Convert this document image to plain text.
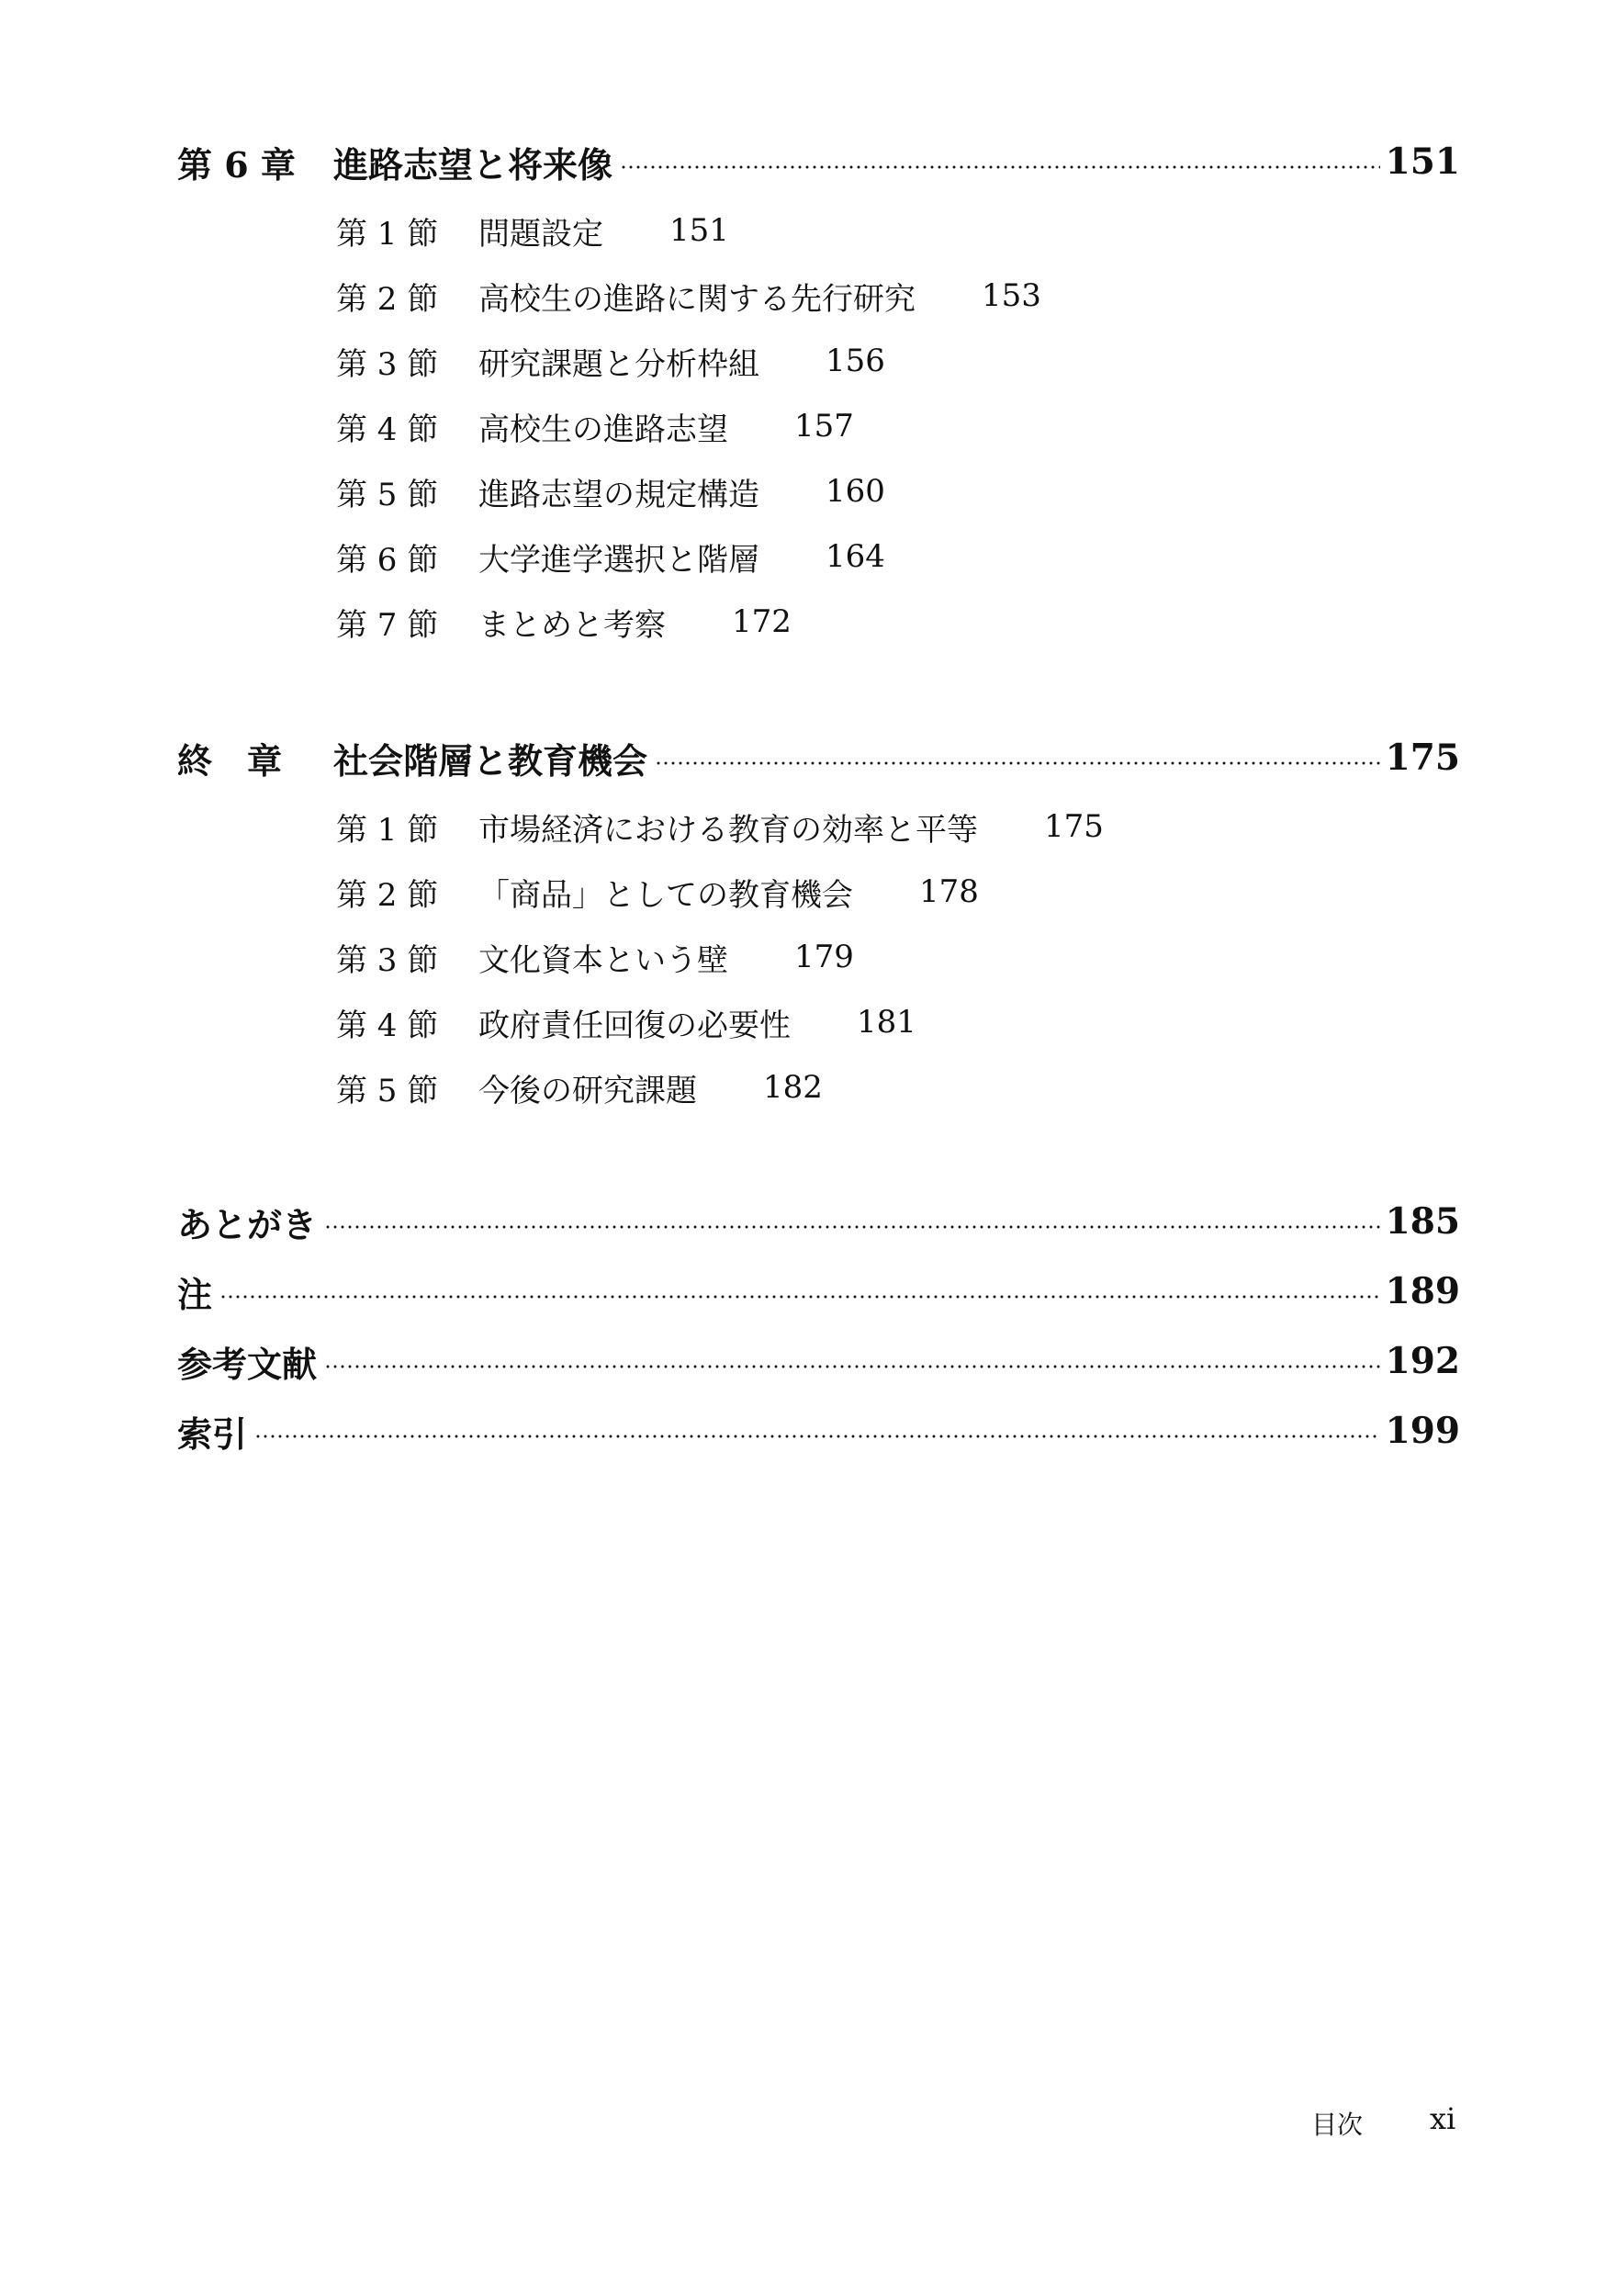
第 6 章	進路志望と将来像	151
第 1 節	問題設定 151
第 2 節	高校生の進路に関する先行研究 153
第 3 節	研究課題と分析枠組 156
第 4 節	高校生の進路志望 157
第 5 節	進路志望の規定構造 160
第 6 節	大学進学選択と階層 164
第 7 節	まとめと考察 172
終　章	社会階層と教育機会	175
第 1 節	市場経済における教育の効率と平等 175
第 2 節	「商品」としての教育機会 178
第 3 節	文化資本という壁 179
第 4 節	政府責任回復の必要性 181
第 5 節	今後の研究課題 182
あとがき	185
注	189
参考文献	192
索引	199
目次 xi
